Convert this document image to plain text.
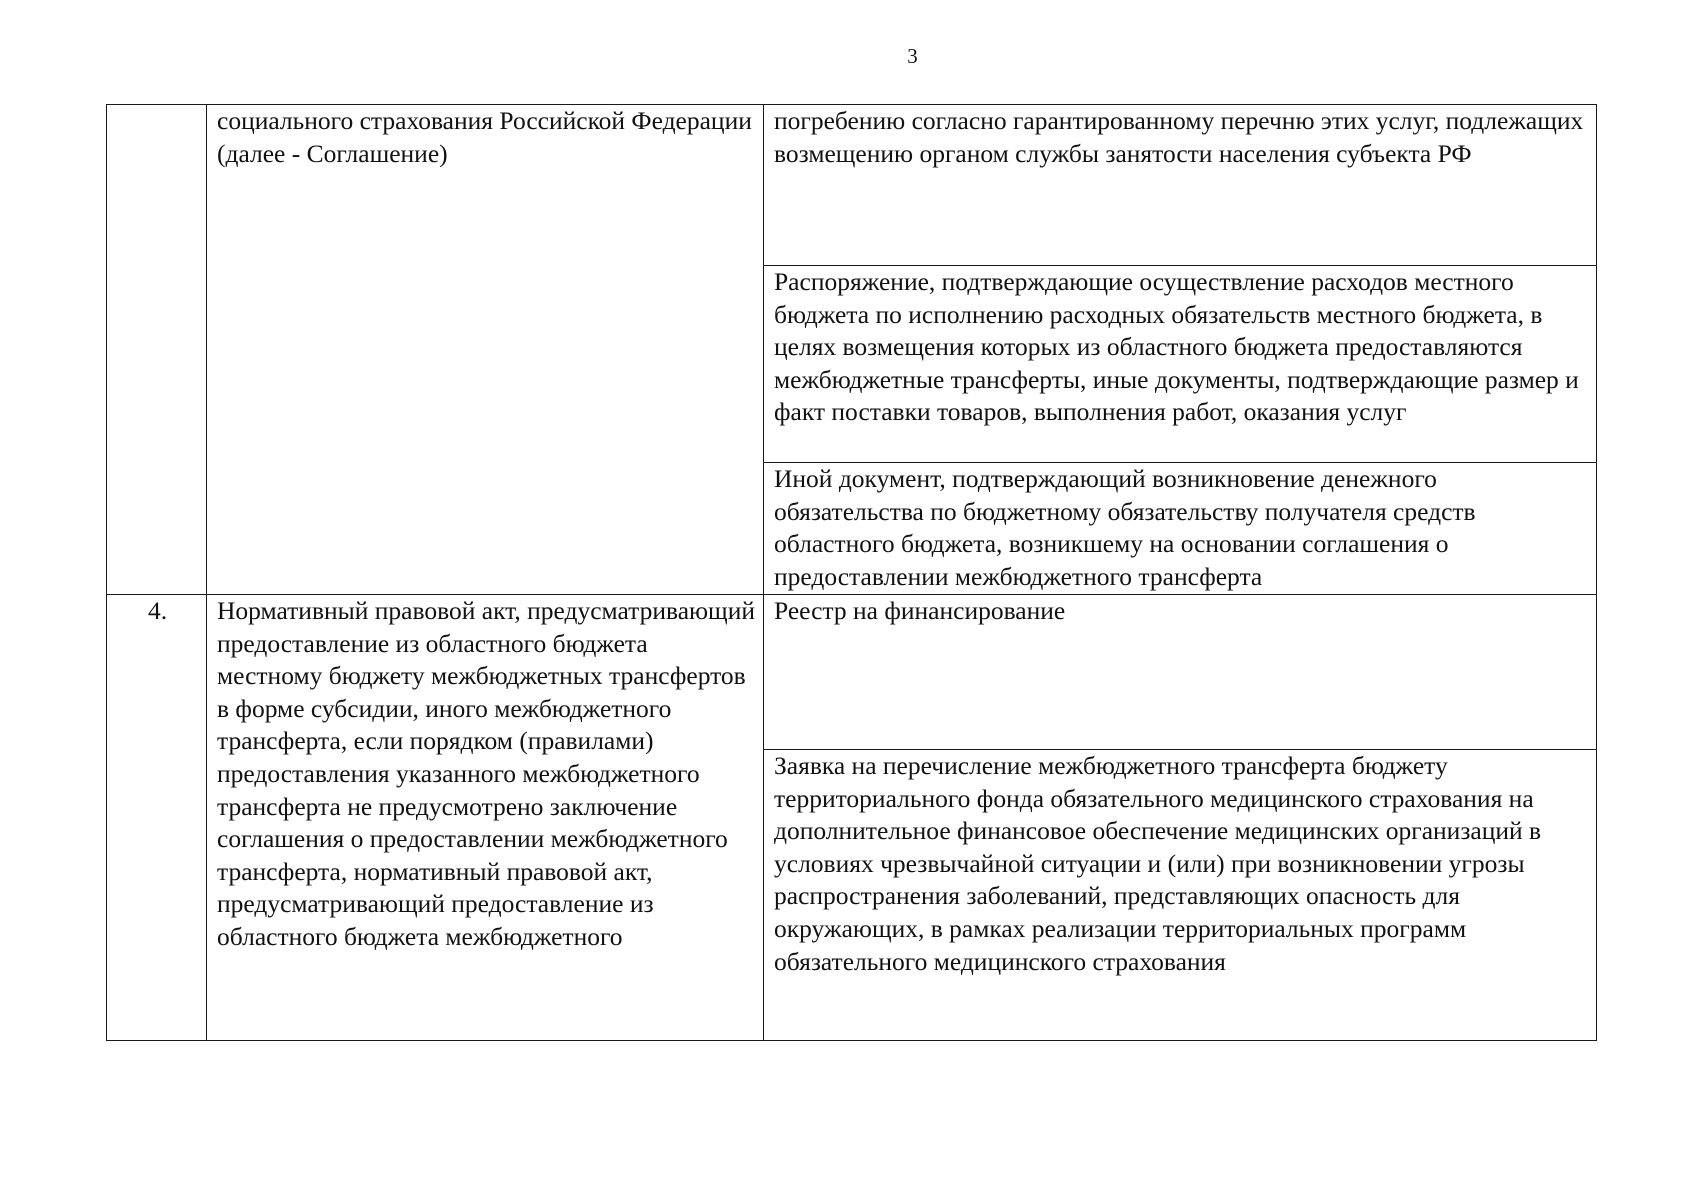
3

	социального страхования Российской Федерации (далее - Соглашение)	погребению согласно гарантированному перечню этих услуг, подлежащих возмещению органом службы занятости населения субъекта РФ

		Распоряжение, подтверждающие осуществление расходов местного бюджета по исполнению расходных обязательств местного бюджета, в целях возмещения которых из областного бюджета предоставляются межбюджетные трансферты, иные документы, подтверждающие размер и факт поставки товаров, выполнения работ, оказания услуг

		Иной документ, подтверждающий возникновение денежного обязательства по бюджетному обязательству получателя средств областного бюджета, возникшему на основании соглашения о предоставлении межбюджетного трансферта

4.	Нормативный правовой акт, предусматривающий предоставление из областного бюджета местному бюджету межбюджетных трансфертов в форме субсидии, иного межбюджетного трансферта, если порядком (правилами) предоставления указанного межбюджетного трансферта не предусмотрено заключение соглашения о предоставлении межбюджетного трансферта, нормативный правовой акт, предусматривающий предоставление из областного бюджета межбюджетного	Реестр на финансирование

		Заявка на перечисление межбюджетного трансферта бюджету территориального фонда обязательного медицинского страхования на дополнительное финансовое обеспечение медицинских организаций в условиях чрезвычайной ситуации и (или) при возникновении угрозы распространения заболеваний, представляющих опасность для окружающих, в рамках реализации территориальных программ обязательного медицинского страхования
